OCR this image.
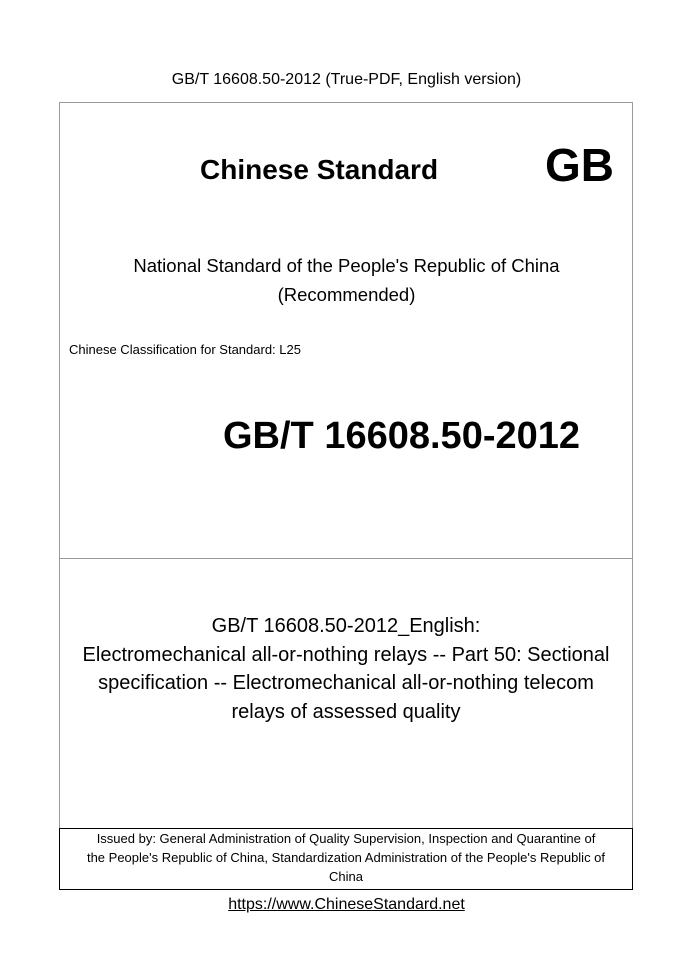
GB/T 16608.50-2012 (True-PDF, English version)
Chinese Standard GB
National Standard of the People's Republic of China
(Recommended)
Chinese Classification for Standard: L25
GB/T 16608.50-2012
GB/T 16608.50-2012_English:
Electromechanical all-or-nothing relays -- Part 50: Sectional
specification -- Electromechanical all-or-nothing telecom
relays of assessed quality
Issued by: General Administration of Quality Supervision, Inspection and Quarantine of
the People's Republic of China, Standardization Administration of the People's Republic of
China
https://www.ChineseStandard.net
